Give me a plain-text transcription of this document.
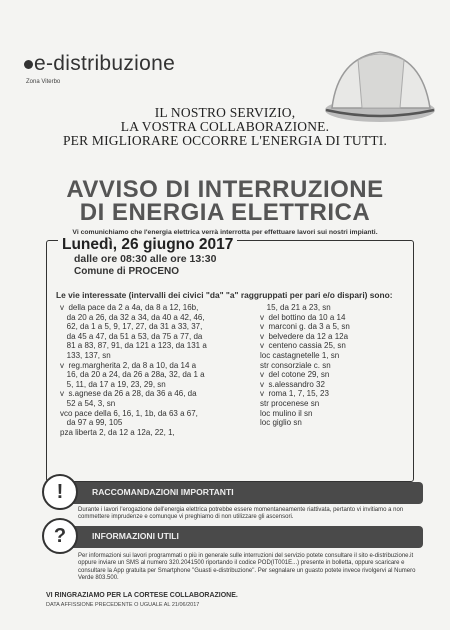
e-distribuzione
Zona Viterbo
IL NOSTRO SERVIZIO,
LA VOSTRA COLLABORAZIONE.
PER MIGLIORARE OCCORRE L'ENERGIA DI TUTTI.
AVVISO DI INTERRUZIONE
DI ENERGIA ELETTRICA
Vi comunichiamo che l'energia elettrica verrà interrotta per effettuare lavori sui nostri impianti.
Lunedì, 26 giugno 2017
dalle ore 08:30 alle ore 13:30
Comune di PROCENO
Le vie interessate (intervalli dei civici "da" "a" raggruppati per pari e/o dispari) sono:
v  della pace da 2 a 4a, da 8 a 12, 16b,
da 20 a 26, da 32 a 34, da 40 a 42, 46,
62, da 1 a 5, 9, 17, 27, da 31 a 33, 37,
da 45 a 47, da 51 a 53, da 75 a 77, da
81 a 83, 87, 91, da 121 a 123, da 131 a
133, 137, sn
v  reg.margherita 2, da 8 a 10, da 14 a
16, da 20 a 24, da 26 a 28a, 32, da 1 a
5, 11, da 17 a 19, 23, 29, sn
v  s.agnese da 26 a 28, da 36 a 46, da
52 a 54, 3, sn
vco pace della 6, 16, 1, 1b, da 63 a 67,
da 97 a 99, 105
pza liberta 2, da 12 a 12a, 22, 1,
15, da 21 a 23, sn
v  del bottino da 10 a 14
v  marconi g. da 3 a 5, sn
v  belvedere da 12 a 12a
v  centeno cassia 25, sn
loc castagnetelle 1, sn
str consorziale c. sn
v  del cotone 29, sn
v  s.alessandro 32
v  roma 1, 7, 15, 23
str procenese sn
loc mulino il sn
loc giglio sn
!	RACCOMANDAZIONI IMPORTANTI
Durante i lavori l'erogazione dell'energia elettrica potrebbe essere momentaneamente riattivata, pertanto vi invitiamo a non commettere imprudenze e comunque vi preghiamo di non utilizzare gli ascensori.
?	INFORMAZIONI UTILI
Per informazioni sui lavori programmati o più in generale sulle interruzioni del servizio potete consultare il sito e-distribuzione.it oppure inviare un SMS al numero 320.2041500 riportando il codice POD(IT001E...) presente in bolletta, oppure scaricare e consultare la App gratuita per Smartphone "Guasti e-distribuzione". Per segnalare un guasto potete invece rivolgervi al Numero Verde 803.500.
VI RINGRAZIAMO PER LA CORTESE COLLABORAZIONE.
DATA AFFISSIONE PRECEDENTE O UGUALE AL 21/06/2017
